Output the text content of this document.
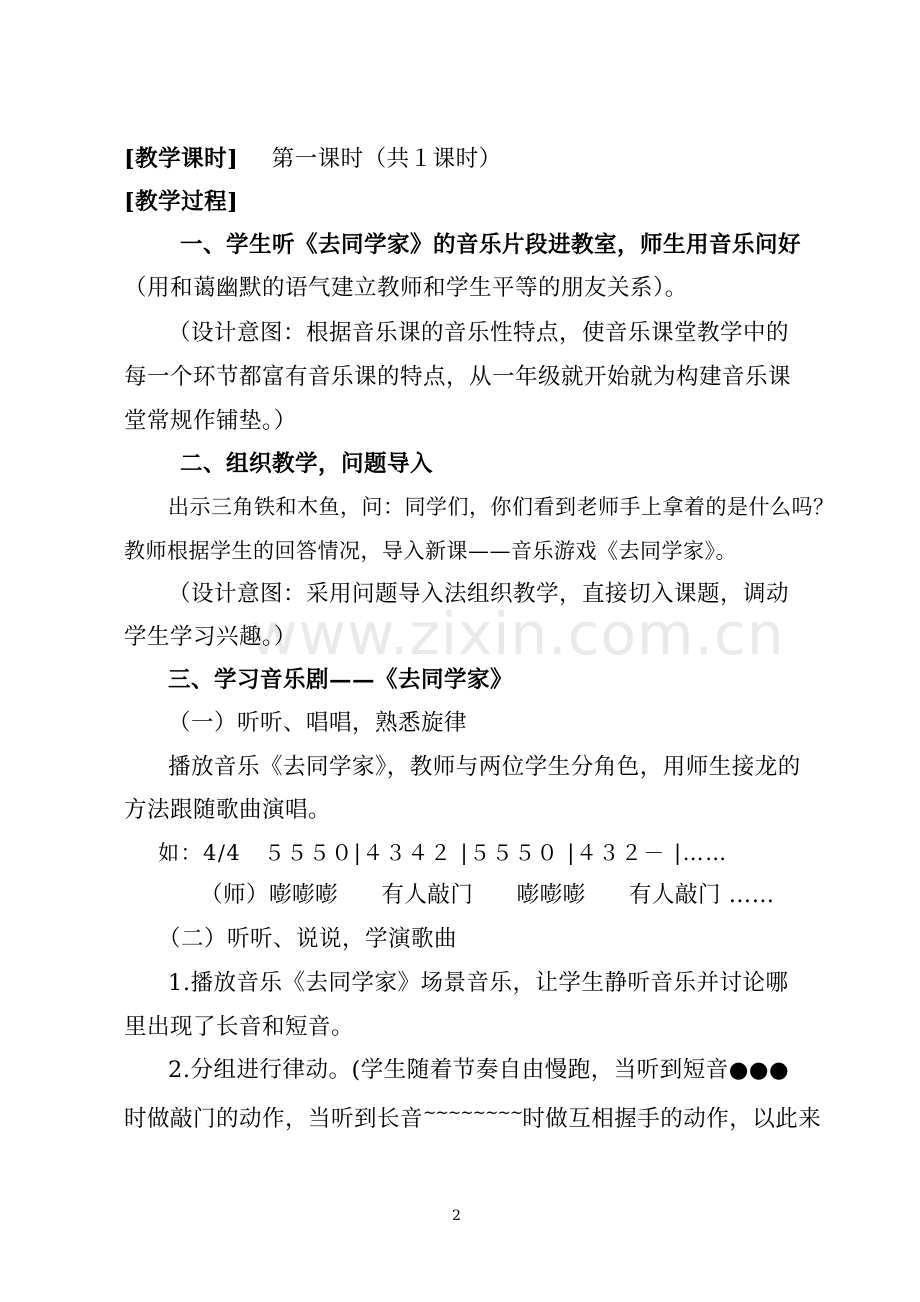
www.zixin.com.cn
[教学课时] 第一课时（共１课时）
[教学过程]
一、学生听《去同学家》的音乐片段进教室，师生用音乐问好
（用和蔼幽默的语气建立教师和学生平等的朋友关系）。
（设计意图：根据音乐课的音乐性特点，使音乐课堂教学中的
每一个环节都富有音乐课的特点，从一年级就开始就为构建音乐课
堂常规作铺垫。）
二、组织教学，问题导入
出示三角铁和木鱼，问：同学们，你们看到老师手上拿着的是什么吗？
教师根据学生的回答情况，导入新课——音乐游戏《去同学家》。
（设计意图：采用问题导入法组织教学，直接切入课题，调动
学生学习兴趣。）
三、学习音乐剧——《去同学家》
（一）听听、唱唱，熟悉旋律
播放音乐《去同学家》，教师与两位学生分角色，用师生接龙的
方法跟随歌曲演唱。
如：4/4　５５５０|４３４２ |５５５０ |４３２－ |……
（师）嘭嘭嘭 有人敲门 嘭嘭嘭 有人敲门 ……
（二）听听、说说，学演歌曲
1.播放音乐《去同学家》场景音乐，让学生静听音乐并讨论哪
里出现了长音和短音。
2.分组进行律动。(学生随着节奏自由慢跑，当听到短音●●●
时做敲门的动作，当听到长音~~~~~~~~时做互相握手的动作，以此来
2
